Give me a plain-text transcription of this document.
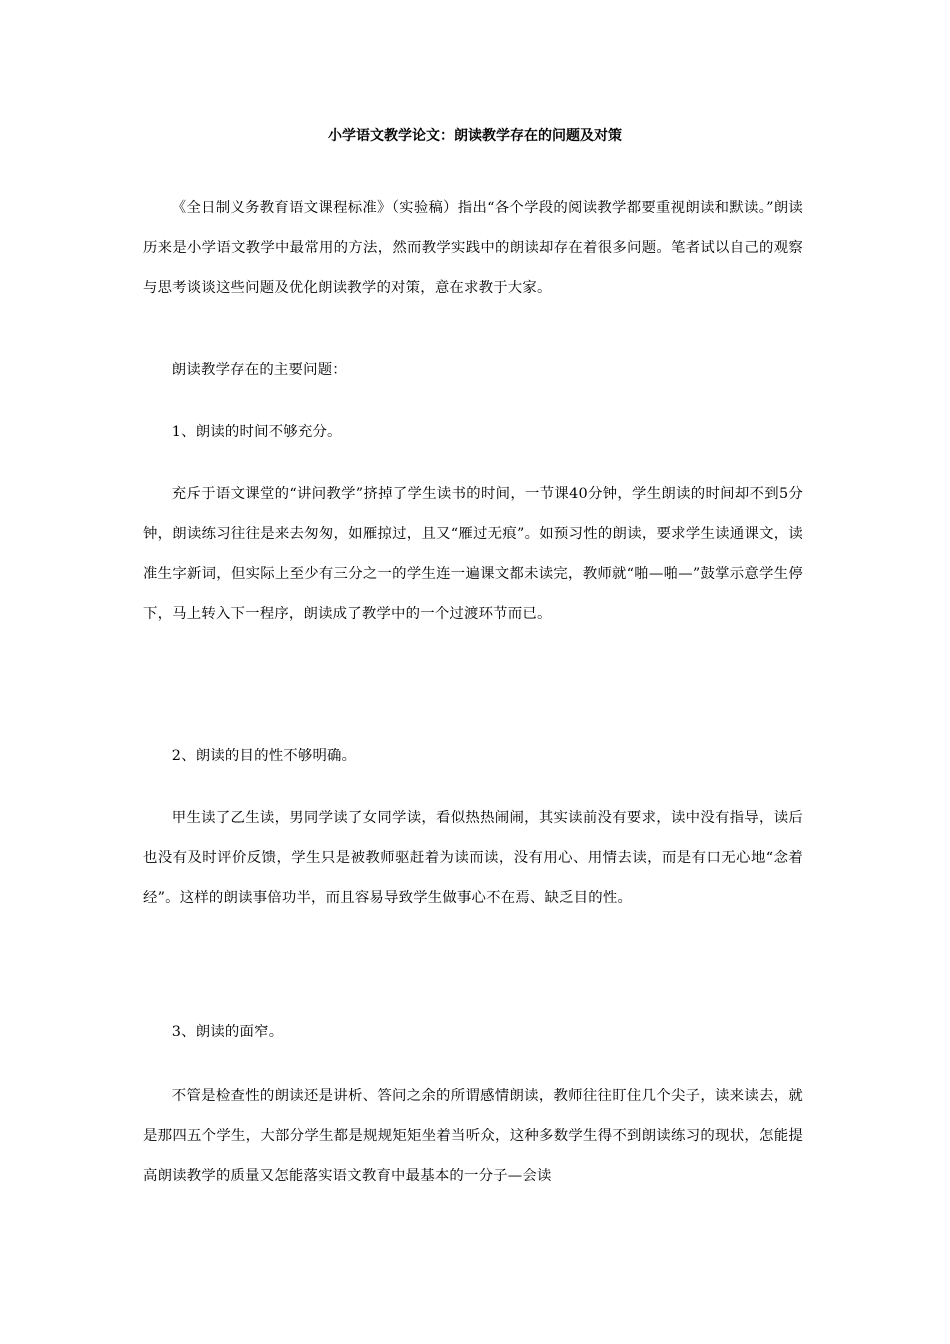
小学语文教学论文：朗读教学存在的问题及对策

《全日制义务教育语文课程标准》（实验稿）指出“各个学段的阅读教学都要重视朗读和默读。”朗读历来是小学语文教学中最常用的方法，然而教学实践中的朗读却存在着很多问题。笔者试以自己的观察与思考谈谈这些问题及优化朗读教学的对策，意在求教于大家。

朗读教学存在的主要问题：

1、朗读的时间不够充分。

充斥于语文课堂的“讲问教学”挤掉了学生读书的时间，一节课40分钟，学生朗读的时间却不到5分钟，朗读练习往往是来去匆匆，如雁掠过，且又“雁过无痕”。如预习性的朗读，要求学生读通课文，读准生字新词，但实际上至少有三分之一的学生连一遍课文都未读完，教师就“啪—啪—”鼓掌示意学生停下，马上转入下一程序，朗读成了教学中的一个过渡环节而已。

2、朗读的目的性不够明确。

甲生读了乙生读，男同学读了女同学读，看似热热闹闹，其实读前没有要求，读中没有指导，读后也没有及时评价反馈，学生只是被教师驱赶着为读而读，没有用心、用情去读，而是有口无心地“念着经”。这样的朗读事倍功半，而且容易导致学生做事心不在焉、缺乏目的性。

3、朗读的面窄。

不管是检查性的朗读还是讲析、答问之余的所谓感情朗读，教师往往盯住几个尖子，读来读去，就是那四五个学生，大部分学生都是规规矩矩坐着当听众，这种多数学生得不到朗读练习的现状，怎能提高朗读教学的质量又怎能落实语文教育中最基本的一分子—会读
